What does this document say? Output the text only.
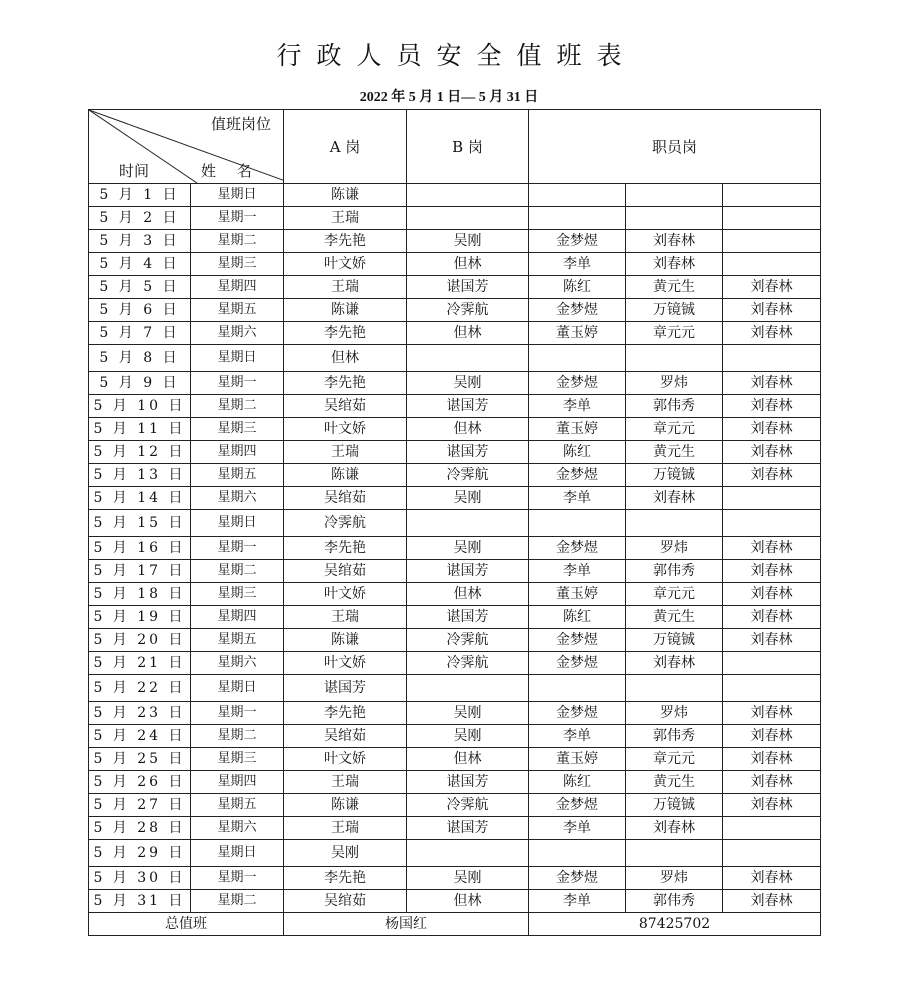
行政人员安全值班表
2022 年 5 月 1 日— 5 月 31 日
值班岗位
时间 姓 名		A 岗	B 岗	职员岗		
5 月 1 日	星期日	陈谦				
5 月 2 日	星期一	王瑞				
5 月 3 日	星期二	李先艳	吴刚	金梦煜	刘春林	
5 月 4 日	星期三	叶文娇	但林	李单	刘春林	
5 月 5 日	星期四	王瑞	谌国芳	陈红	黄元生	刘春林
5 月 6 日	星期五	陈谦	冷霁航	金梦煜	万镜铖	刘春林
5 月 7 日	星期六	李先艳	但林	董玉婷	章元元	刘春林
5 月 8 日	星期日	但林				
5 月 9 日	星期一	李先艳	吴刚	金梦煜	罗炜	刘春林
5 月 10 日	星期二	吴绾茹	谌国芳	李单	郭伟秀	刘春林
5 月 11 日	星期三	叶文娇	但林	董玉婷	章元元	刘春林
5 月 12 日	星期四	王瑞	谌国芳	陈红	黄元生	刘春林
5 月 13 日	星期五	陈谦	冷霁航	金梦煜	万镜铖	刘春林
5 月 14 日	星期六	吴绾茹	吴刚	李单	刘春林	
5 月 15 日	星期日	冷霁航				
5 月 16 日	星期一	李先艳	吴刚	金梦煜	罗炜	刘春林
5 月 17 日	星期二	吴绾茹	谌国芳	李单	郭伟秀	刘春林
5 月 18 日	星期三	叶文娇	但林	董玉婷	章元元	刘春林
5 月 19 日	星期四	王瑞	谌国芳	陈红	黄元生	刘春林
5 月 20 日	星期五	陈谦	冷霁航	金梦煜	万镜铖	刘春林
5 月 21 日	星期六	叶文娇	冷霁航	金梦煜	刘春林	
5 月 22 日	星期日	谌国芳				
5 月 23 日	星期一	李先艳	吴刚	金梦煜	罗炜	刘春林
5 月 24 日	星期二	吴绾茹	吴刚	李单	郭伟秀	刘春林
5 月 25 日	星期三	叶文娇	但林	董玉婷	章元元	刘春林
5 月 26 日	星期四	王瑞	谌国芳	陈红	黄元生	刘春林
5 月 27 日	星期五	陈谦	冷霁航	金梦煜	万镜铖	刘春林
5 月 28 日	星期六	王瑞	谌国芳	李单	刘春林	
5 月 29 日	星期日	吴刚				
5 月 30 日	星期一	李先艳	吴刚	金梦煜	罗炜	刘春林
5 月 31 日	星期二	吴绾茹	但林	李单	郭伟秀	刘春林
总值班		杨国红		87425702		
